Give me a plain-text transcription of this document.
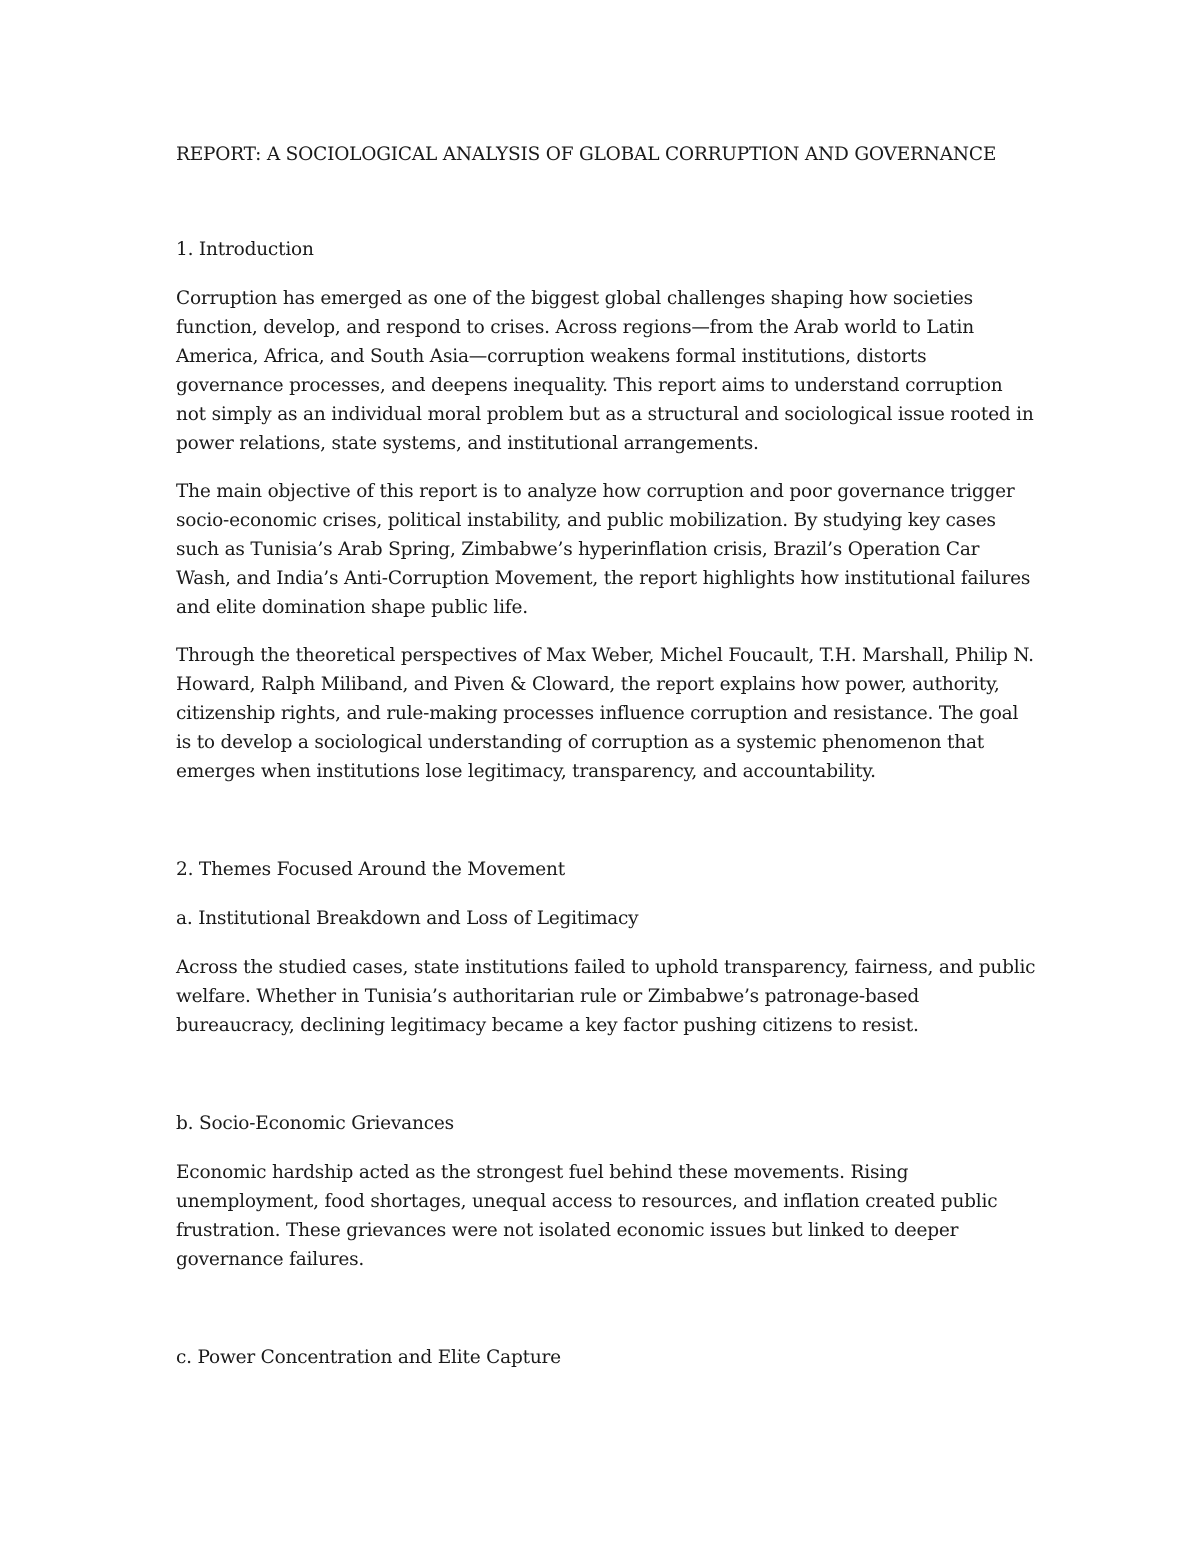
REPORT: A SOCIOLOGICAL ANALYSIS OF GLOBAL CORRUPTION AND GOVERNANCE
1. Introduction

Corruption has emerged as one of the biggest global challenges shaping how societies function, develop, and respond to crises. Across regions—from the Arab world to Latin America, Africa, and South Asia—corruption weakens formal institutions, distorts governance processes, and deepens inequality. This report aims to understand corruption not simply as an individual moral problem but as a structural and sociological issue rooted in power relations, state systems, and institutional arrangements.

The main objective of this report is to analyze how corruption and poor governance trigger socio-economic crises, political instability, and public mobilization. By studying key cases such as Tunisia’s Arab Spring, Zimbabwe’s hyperinflation crisis, Brazil’s Operation Car Wash, and India’s Anti-Corruption Movement, the report highlights how institutional failures and elite domination shape public life.

Through the theoretical perspectives of Max Weber, Michel Foucault, T.H. Marshall, Philip N. Howard, Ralph Miliband, and Piven & Cloward, the report explains how power, authority, citizenship rights, and rule-making processes influence corruption and resistance. The goal is to develop a sociological understanding of corruption as a systemic phenomenon that emerges when institutions lose legitimacy, transparency, and accountability.

2. Themes Focused Around the Movement
a. Institutional Breakdown and Loss of Legitimacy

Across the studied cases, state institutions failed to uphold transparency, fairness, and public welfare. Whether in Tunisia’s authoritarian rule or Zimbabwe’s patronage-based bureaucracy, declining legitimacy became a key factor pushing citizens to resist.

b. Socio-Economic Grievances

Economic hardship acted as the strongest fuel behind these movements. Rising unemployment, food shortages, unequal access to resources, and inflation created public frustration. These grievances were not isolated economic issues but linked to deeper governance failures.

c. Power Concentration and Elite Capture
